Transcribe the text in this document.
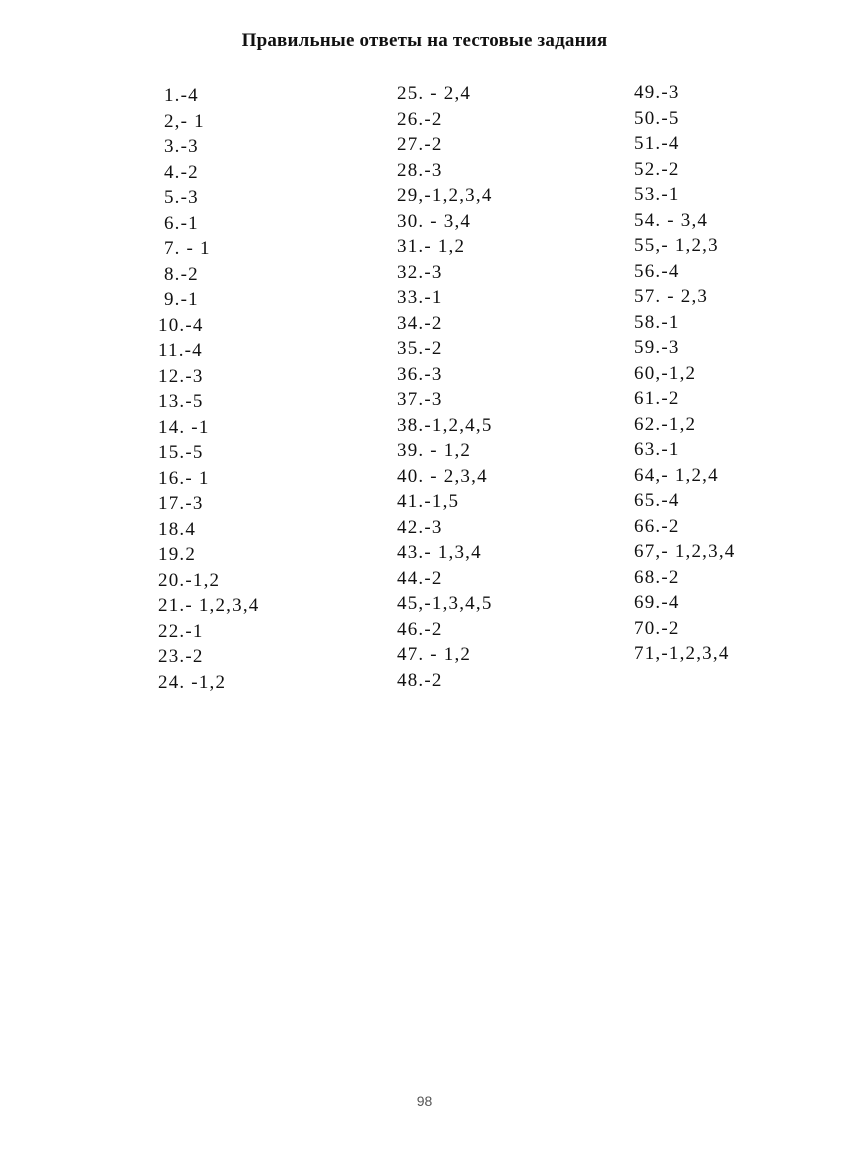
Правильные ответы на тестовые задания
1.-4
2,- 1
3.-3
4.-2
5.-3
6.-1
7. - 1
8.-2
9.-1
10.-4
11.-4
12.-3
13.-5
14. -1
15.-5
16.- 1
17.-3
18.4
19.2
20.-1,2
21.- 1,2,3,4
22.-1
23.-2
24. -1,2
25. - 2,4
26.-2
27.-2
28.-3
29,-1,2,3,4
30. - 3,4
31.- 1,2
32.-3
33.-1
34.-2
35.-2
36.-3
37.-3
38.-1,2,4,5
39. - 1,2
40. - 2,3,4
41.-1,5
42.-3
43.- 1,3,4
44.-2
45,-1,3,4,5
46.-2
47. - 1,2
48.-2
49.-3
50.-5
51.-4
52.-2
53.-1
54. - 3,4
55,- 1,2,3
56.-4
57. - 2,3
58.-1
59.-3
60,-1,2
61.-2
62.-1,2
63.-1
64,- 1,2,4
65.-4
66.-2
67,- 1,2,3,4
68.-2
69.-4
70.-2
71,-1,2,3,4
98
